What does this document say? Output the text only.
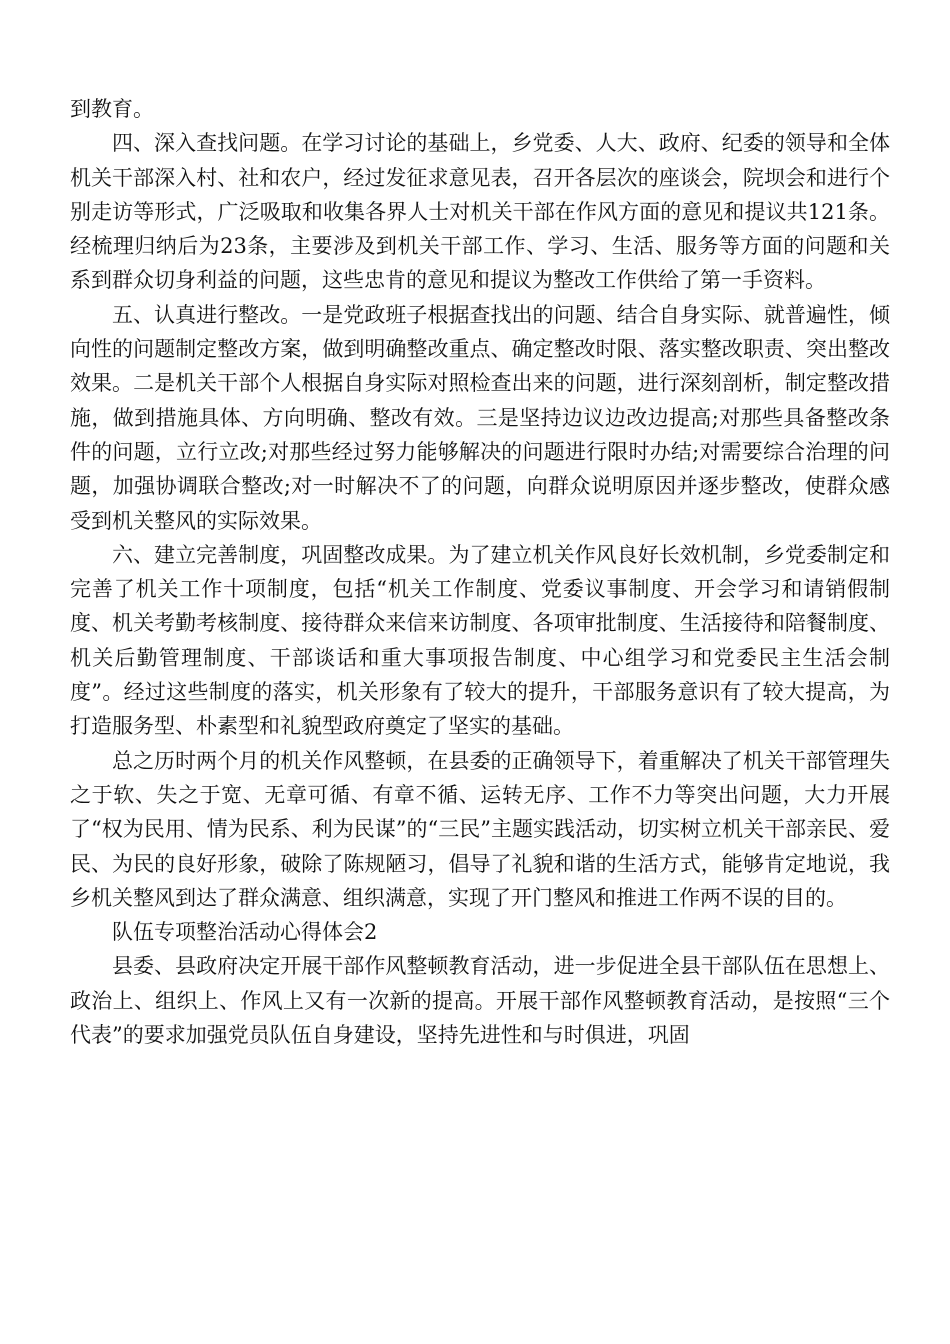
到教育。

四、深入查找问题。在学习讨论的基础上，乡党委、人大、政府、纪委的领导和全体机关干部深入村、社和农户，经过发征求意见表，召开各层次的座谈会，院坝会和进行个别走访等形式，广泛吸取和收集各界人士对机关干部在作风方面的意见和提议共121条。经梳理归纳后为23条，主要涉及到机关干部工作、学习、生活、服务等方面的问题和关系到群众切身利益的问题，这些忠肯的意见和提议为整改工作供给了第一手资料。

五、认真进行整改。一是党政班子根据查找出的问题、结合自身实际、就普遍性，倾向性的问题制定整改方案，做到明确整改重点、确定整改时限、落实整改职责、突出整改效果。二是机关干部个人根据自身实际对照检查出来的问题，进行深刻剖析，制定整改措施，做到措施具体、方向明确、整改有效。三是坚持边议边改边提高;对那些具备整改条件的问题，立行立改;对那些经过努力能够解决的问题进行限时办结;对需要综合治理的问题，加强协调联合整改;对一时解决不了的问题，向群众说明原因并逐步整改，使群众感受到机关整风的实际效果。

六、建立完善制度，巩固整改成果。为了建立机关作风良好长效机制，乡党委制定和完善了机关工作十项制度，包括“机关工作制度、党委议事制度、开会学习和请销假制度、机关考勤考核制度、接待群众来信来访制度、各项审批制度、生活接待和陪餐制度、机关后勤管理制度、干部谈话和重大事项报告制度、中心组学习和党委民主生活会制度”。经过这些制度的落实，机关形象有了较大的提升，干部服务意识有了较大提高，为打造服务型、朴素型和礼貌型政府奠定了坚实的基础。

总之历时两个月的机关作风整顿，在县委的正确领导下，着重解决了机关干部管理失之于软、失之于宽、无章可循、有章不循、运转无序、工作不力等突出问题，大力开展了“权为民用、情为民系、利为民谋”的“三民”主题实践活动，切实树立机关干部亲民、爱民、为民的良好形象，破除了陈规陋习，倡导了礼貌和谐的生活方式，能够肯定地说，我乡机关整风到达了群众满意、组织满意，实现了开门整风和推进工作两不误的目的。

队伍专项整治活动心得体会2

县委、县政府决定开展干部作风整顿教育活动，进一步促进全县干部队伍在思想上、政治上、组织上、作风上又有一次新的提高。开展干部作风整顿教育活动，是按照“三个代表”的要求加强党员队伍自身建设，坚持先进性和与时俱进，巩固
